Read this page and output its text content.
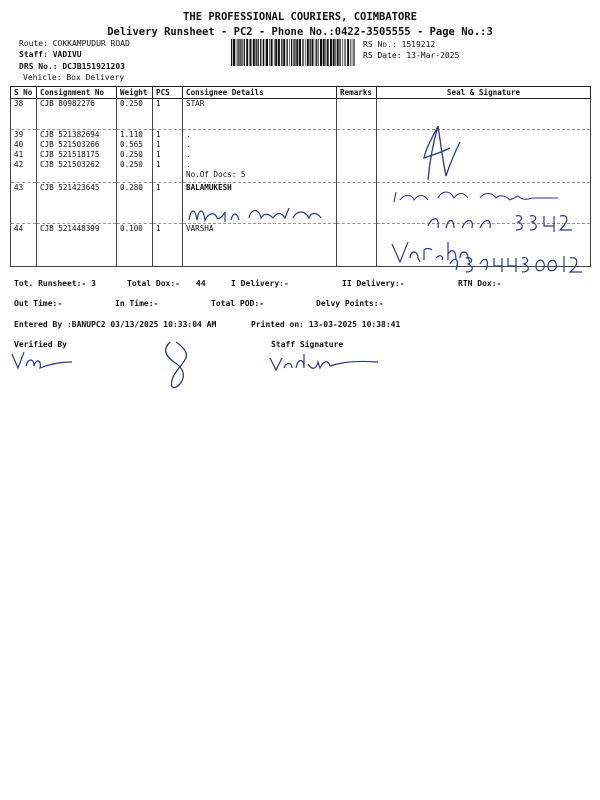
THE PROFESSIONAL COURIERS, COIMBATORE
Delivery Runsheet - PC2 - Phone No.:0422-3505555 - Page No.:3
Route: COKKAMPUDUR ROAD
Staff: VADIVU
DRS No.: DCJB151921203
Vehicle: Box Delivery
RS No.: 1519212
RS Date: 13-Mar-2025
S No	Consignment No	Weight	PCS	Consignee Details	Remarks	Seal & Signature
38	CJB 80982276	0.250	1	STAR		
39	CJB 521382694	1.110	1	.		
40	CJB 521503266	0.565	1	.		
41	CJB 521518175	0.250	1	.		
42	CJB 521503262	0.250	1	.		
				No.Of Docs: 5		
43	CJB 521423645	0.280	1	BALAMUKESH		

44	CJB 521448399	0.100	1	VARSHA		

Tot. Runsheet:- 3	Total Dox:- 44	I Delivery:-	II Delivery:-	RTN Dox:-
Out Time:-	In Time:-	Total POD:-	Delvy Points:-
Entered By :BANUPC2 03/13/2025 10:33:04 AM	Printed on: 13-03-2025 10:38:41
Verified By	Staff Signature
